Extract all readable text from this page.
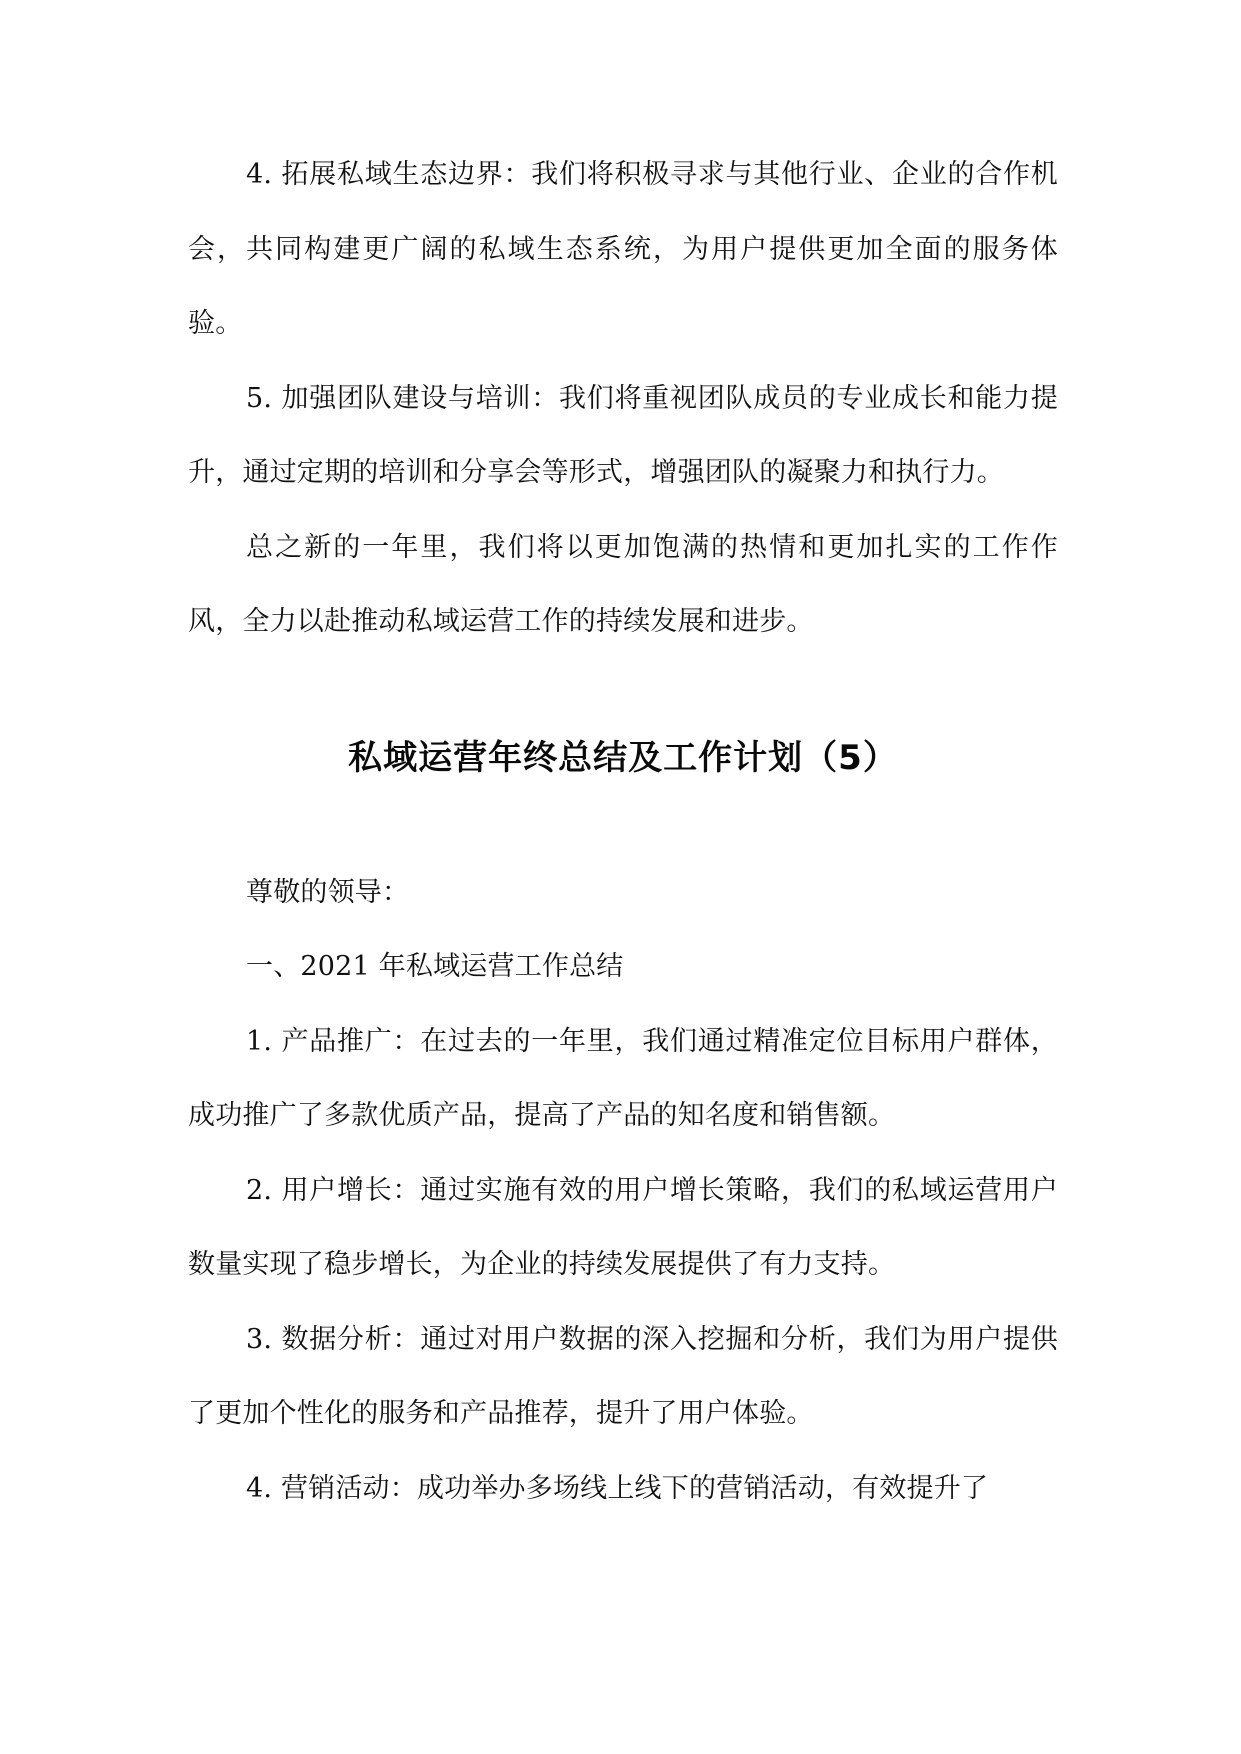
4. 拓展私域生态边界：我们将积极寻求与其他行业、企业的合作机会，共同构建更广阔的私域生态系统，为用户提供更加全面的服务体验。

5. 加强团队建设与培训：我们将重视团队成员的专业成长和能力提升，通过定期的培训和分享会等形式，增强团队的凝聚力和执行力。

总之新的一年里，我们将以更加饱满的热情和更加扎实的工作作风，全力以赴推动私域运营工作的持续发展和进步。

私域运营年终总结及工作计划（5）

尊敬的领导：

一、2021 年私域运营工作总结

1. 产品推广：在过去的一年里，我们通过精准定位目标用户群体，成功推广了多款优质产品，提高了产品的知名度和销售额。

2. 用户增长：通过实施有效的用户增长策略，我们的私域运营用户数量实现了稳步增长，为企业的持续发展提供了有力支持。

3. 数据分析：通过对用户数据的深入挖掘和分析，我们为用户提供了更加个性化的服务和产品推荐，提升了用户体验。

4. 营销活动：成功举办多场线上线下的营销活动，有效提升了
